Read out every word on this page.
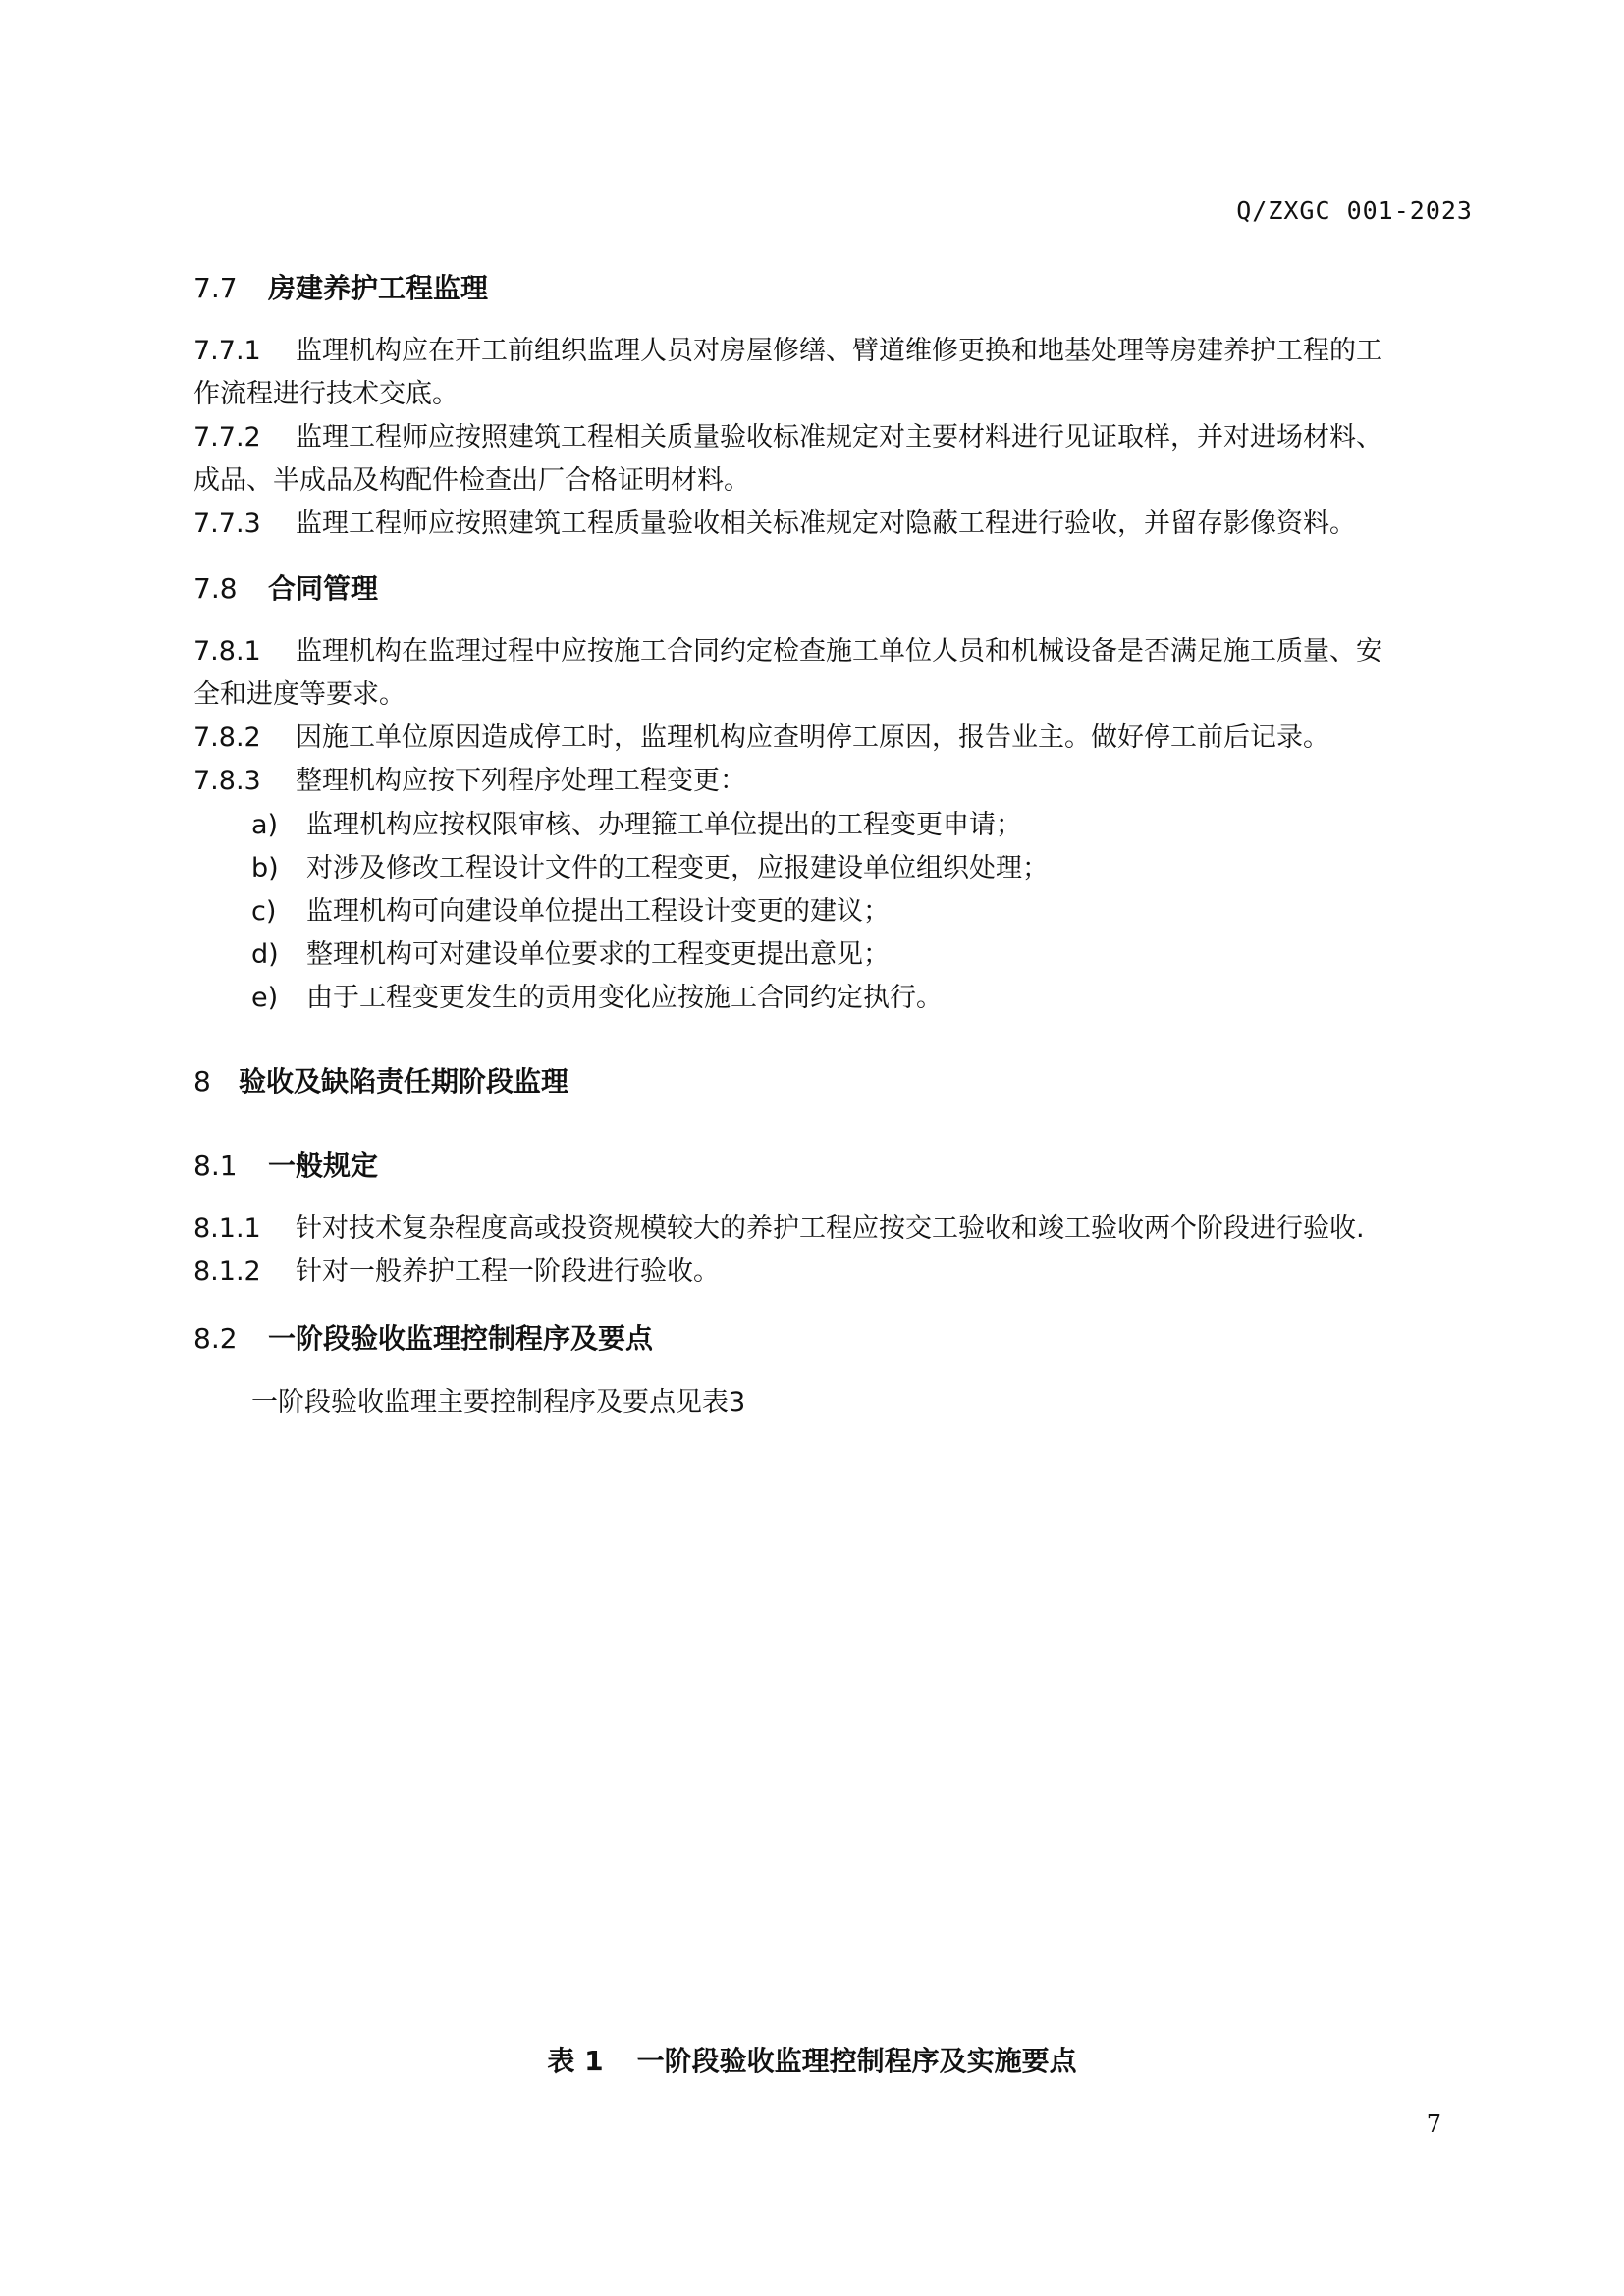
Q/ZXGC 001-2023
7.7 房建养护工程监理
7.7.1 监理机构应在开工前组织监理人员对房屋修缮、臂道维修更换和地基处理等房建养护工程的工
作流程进行技术交底。
7.7.2 监理工程师应按照建筑工程相关质量验收标准规定对主要材料进行见证取样，并对进场材料、
成品、半成品及构配件检查出厂合格证明材料。
7.7.3 监理工程师应按照建筑工程质量验收相关标准规定对隐蔽工程进行验收，并留存影像资料。
7.8 合同管理
7.8.1 监理机构在监理过程中应按施工合同约定检查施工单位人员和机械设备是否满足施工质量、安
全和进度等要求。
7.8.2 因施工单位原因造成停工时，监理机构应查明停工原因，报告业主。做好停工前后记录。
7.8.3 整理机构应按下列程序处理工程变更：
a) 监理机构应按权限审核、办理箍工单位提出的工程变更申请；
b) 对涉及修改工程设计文件的工程变更，应报建设单位组织处理；
c) 监理机构可向建设单位提出工程设计变更的建议；
d) 整理机构可对建设单位要求的工程变更提出意见；
e) 由于工程变更发生的贡用变化应按施工合同约定执行。
8 验收及缺陷责任期阶段监理
8.1 一般规定
8.1.1 针对技术复杂程度高或投资规模较大的养护工程应按交工验收和竣工验收两个阶段进行验收.
8.1.2 针对一般养护工程一阶段进行验收。
8.2 一阶段验收监理控制程序及要点
一阶段验收监理主要控制程序及要点见表3
表 1 一阶段验收监理控制程序及实施要点
7
